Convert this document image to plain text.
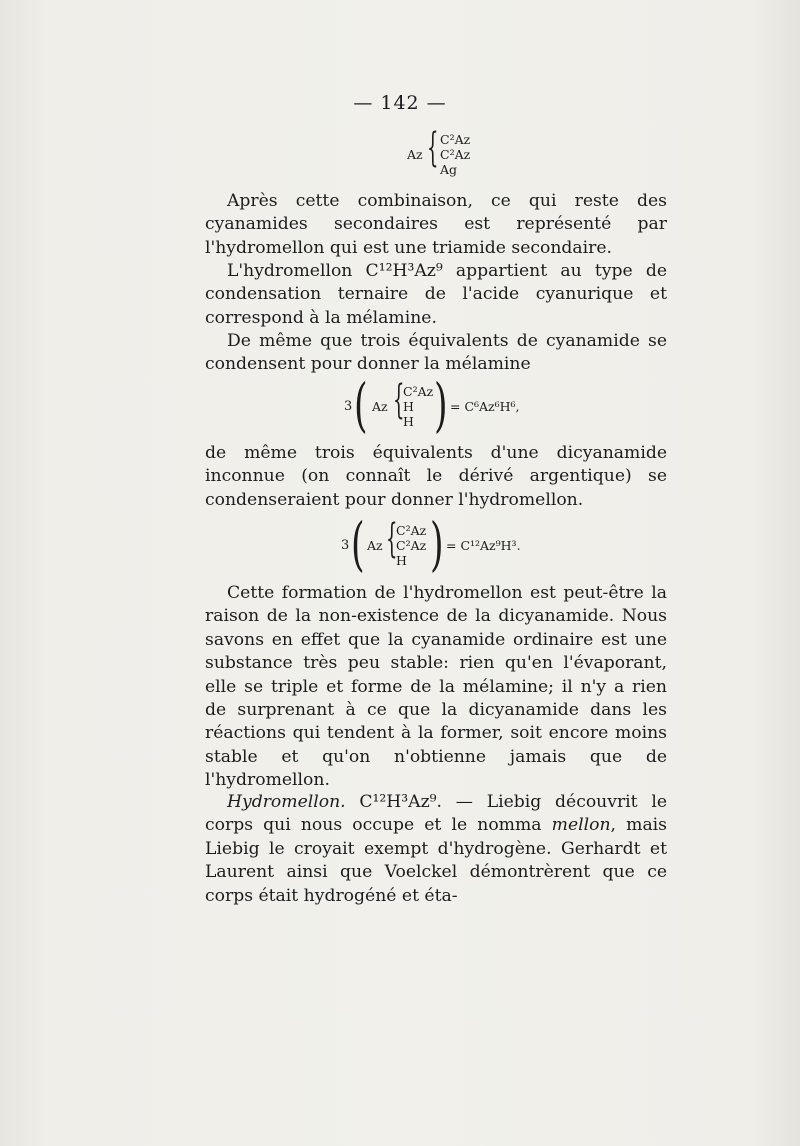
— 142 —
Az { C²Az
C²Az
Ag
Après cette combinaison, ce qui reste des cyanamides secondaires est représenté par l'hydromellon qui est une triamide secondaire.
L'hydromellon C¹²H³Az⁹ appartient au type de condensation ternaire de l'acide cyanurique et correspond à la mélamine.
De même que trois équivalents de cyanamide se condensent pour donner la mélamine
3 ( Az {
C²Az
H
H ) = C⁶Az⁶H⁶,
de même trois équivalents d'une dicyanamide inconnue (on connaît le dérivé argentique) se condenseraient pour donner l'hydromellon.
3 ( Az {
C²Az
C²Az
H ) = C¹²Az⁹H³.
Cette formation de l'hydromellon est peut-être la raison de la non-existence de la dicyanamide. Nous savons en effet que la cyanamide ordinaire est une substance très peu stable: rien qu'en l'évaporant, elle se triple et forme de la mélamine; il n'y a rien de surprenant à ce que la dicyanamide dans les réactions qui tendent à la former, soit encore moins stable et qu'on n'obtienne jamais que de l'hydromellon.
Hydromellon. C¹²H³Az⁹. — Liebig découvrit le corps qui nous occupe et le nomma mellon, mais Liebig le croyait exempt d'hydrogène. Gerhardt et Laurent ainsi que Voelckel démontrèrent que ce corps était hydrogéné et éta-
